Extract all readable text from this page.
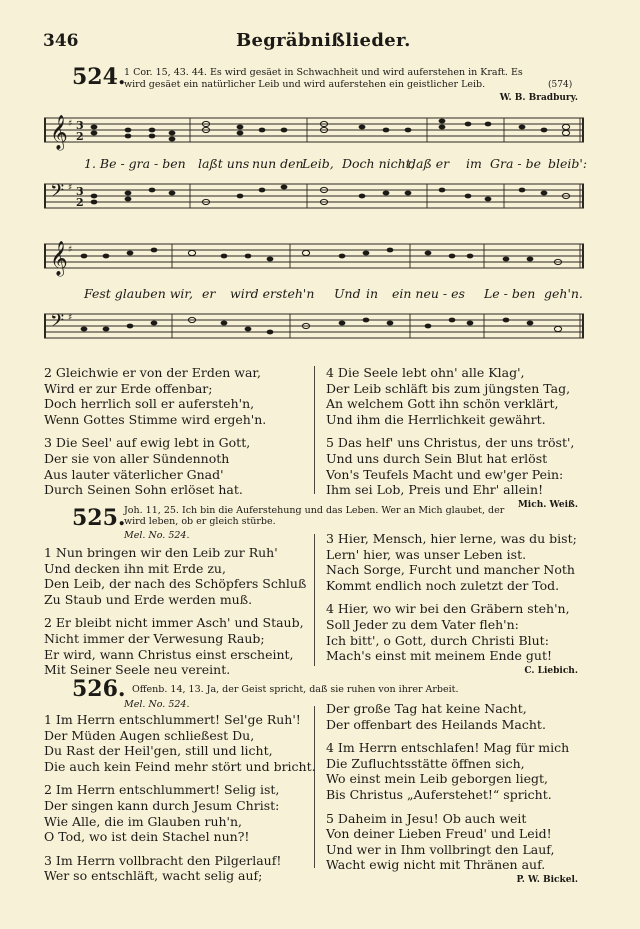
346	Begräbnißlieder.
524.
1 Cor. 15, 43. 44. Es wird gesäet in Schwachheit und wird auferstehen in Kraft. Es
wird gesäet ein natürlicher Leib und wird auferstehen ein geistlicher Leib.	(574)
W. B. Bradbury.
𝄞 ♯ 3
2
1. Be - gra - ben laßt uns nun den
Leib, Doch nicht,
daß er im Gra - be bleib':
𝄢 ♯ 3
2
𝄞 ♯
Fest glauben wir, er wird ersteh'n Und in ein neu - es Le - ben geh'n.
𝄢 ♯
2 Gleichwie er von der Erden war,
Wird er zur Erde offenbar;
Doch herrlich soll er aufersteh'n,
Wenn Gottes Stimme wird ergeh'n.
3 Die Seel' auf ewig lebt in Gott,
Der sie von aller Sündennoth
Aus lauter väterlicher Gnad'
Durch Seinen Sohn erlöset hat.
4 Die Seele lebt ohn' alle Klag',
Der Leib schläft bis zum jüngsten Tag,
An welchem Gott ihn schön verklärt,
Und ihm die Herrlichkeit gewährt.
5 Das helf' uns Christus, der uns tröst',
Und uns durch Sein Blut hat erlöst
Von's Teufels Macht und ew'ger Pein:
Ihm sei Lob, Preis und Ehr' allein!
Mich. Weiß.
525.
Joh. 11, 25. Ich bin die Auferstehung und das Leben. Wer an Mich glaubet, der
wird leben, ob er gleich stürbe.
Mel. No. 524.
1 Nun bringen wir den Leib zur Ruh'
Und decken ihn mit Erde zu,
Den Leib, der nach des Schöpfers Schluß
Zu Staub und Erde werden muß.
2 Er bleibt nicht immer Asch' und Staub,
Nicht immer der Verwesung Raub;
Er wird, wann Christus einst erscheint,
Mit Seiner Seele neu vereint.
3 Hier, Mensch, hier lerne, was du bist;
Lern' hier, was unser Leben ist.
Nach Sorge, Furcht und mancher Noth
Kommt endlich noch zuletzt der Tod.
4 Hier, wo wir bei den Gräbern steh'n,
Soll Jeder zu dem Vater fleh'n:
Ich bitt', o Gott, durch Christi Blut:
Mach's einst mit meinem Ende gut!
C. Liebich.
526. Offenb. 14, 13. Ja, der Geist spricht, daß sie ruhen von ihrer Arbeit.
Mel. No. 524.
1 Im Herrn entschlummert! Sel'ge Ruh'!
Der Müden Augen schließest Du,
Du Rast der Heil'gen, still und licht,
Die auch kein Feind mehr stört und bricht.
2 Im Herrn entschlummert! Selig ist,
Der singen kann durch Jesum Christ:
Wie Alle, die im Glauben ruh'n,
O Tod, wo ist dein Stachel nun?!
3 Im Herrn vollbracht den Pilgerlauf!
Wer so entschläft, wacht selig auf;
Der große Tag hat keine Nacht,
Der offenbart des Heilands Macht.
4 Im Herrn entschlafen! Mag für mich
Die Zufluchtsstätte öffnen sich,
Wo einst mein Leib geborgen liegt,
Bis Christus „Auferstehet!“ spricht.
5 Daheim in Jesu! Ob auch weit
Von deiner Lieben Freud' und Leid!
Und wer in Ihm vollbringt den Lauf,
Wacht ewig nicht mit Thränen auf.
P. W. Bickel.
